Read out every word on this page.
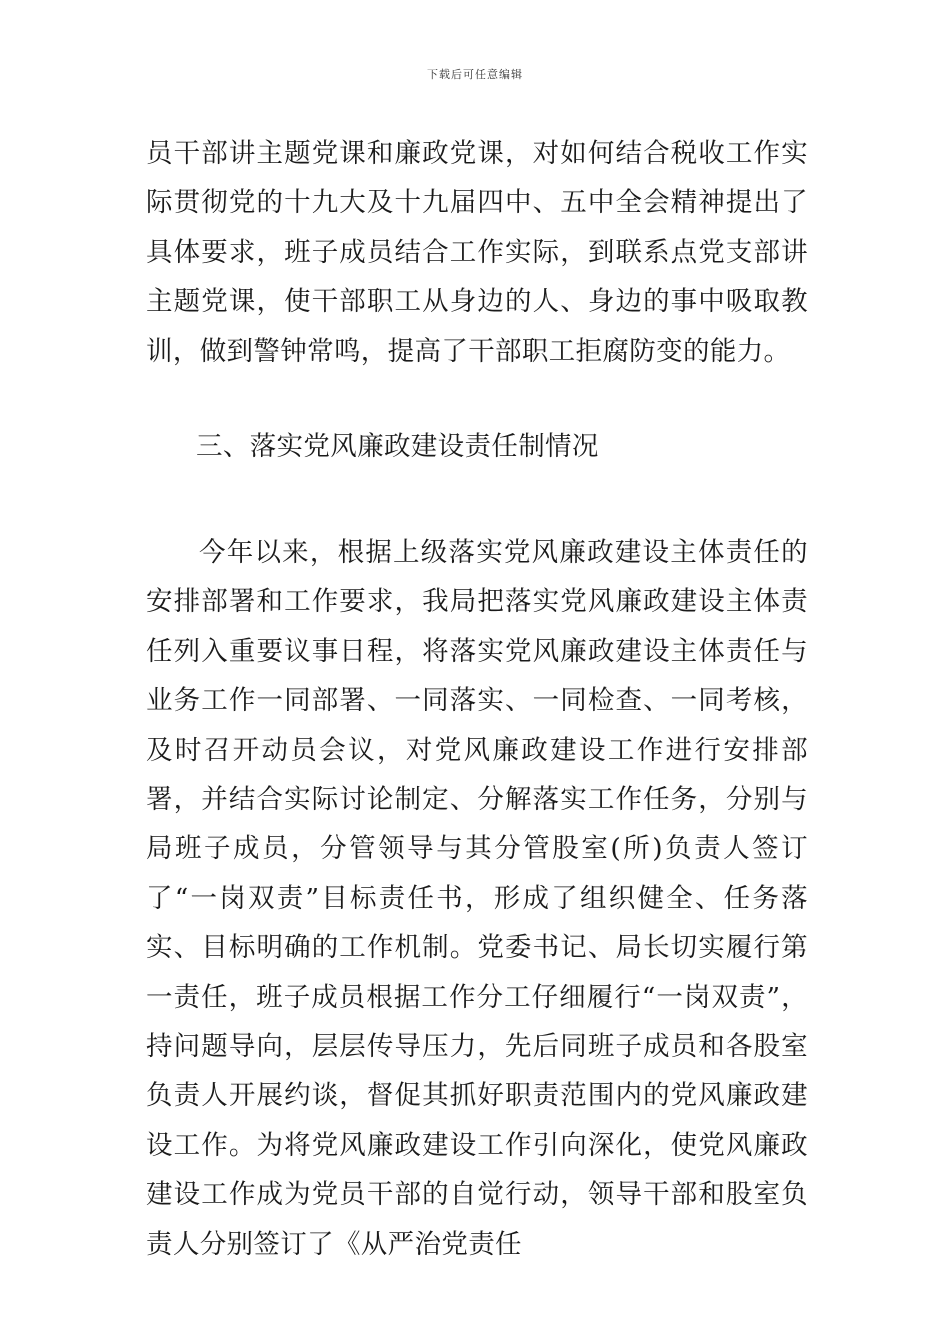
下载后可任意编辑

员干部讲主题党课和廉政党课，对如何结合税收工作实际贯彻党的十九大及十九届四中、五中全会精神提出了具体要求，班子成员结合工作实际，到联系点党支部讲主题党课，使干部职工从身边的人、身边的事中吸取教训，做到警钟常鸣，提高了干部职工拒腐防变的能力。

三、落实党风廉政建设责任制情况

今年以来，根据上级落实党风廉政建设主体责任的安排部署和工作要求，我局把落实党风廉政建设主体责任列入重要议事日程，将落实党风廉政建设主体责任与业务工作一同部署、一同落实、一同检查、一同考核，及时召开动员会议，对党风廉政建设工作进行安排部署，并结合实际讨论制定、分解落实工作任务，分别与局班子成员，分管领导与其分管股室(所)负责人签订了“一岗双责”目标责任书，形成了组织健全、任务落实、目标明确的工作机制。党委书记、局长切实履行第一责任，班子成员根据工作分工仔细履行“一岗双责”，持问题导向，层层传导压力，先后同班子成员和各股室负责人开展约谈，督促其抓好职责范围内的党风廉政建设工作。为将党风廉政建设工作引向深化，使党风廉政建设工作成为党员干部的自觉行动，领导干部和股室负责人分别签订了《从严治党责任
